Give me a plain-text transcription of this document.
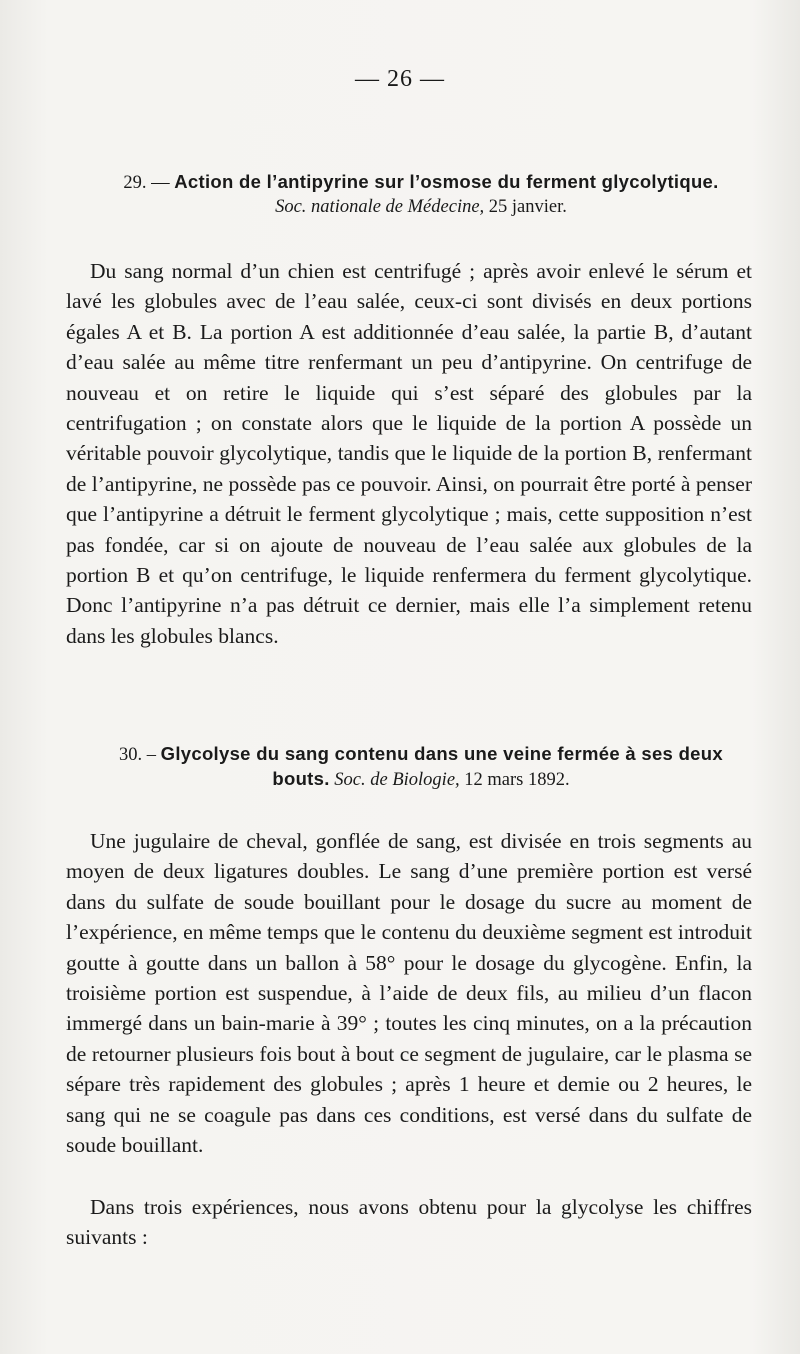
— 26 —
29. — Action de l’antipyrine sur l’osmose du ferment glycolytique.
Soc. nationale de Médecine, 25 janvier.

Du sang normal d’un chien est centrifugé ; après avoir enlevé le sérum et lavé les globules avec de l’eau salée, ceux-ci sont divisés en deux portions égales A et B. La portion A est additionnée d’eau salée, la partie B, d’autant d’eau salée au même titre renfermant un peu d’antipyrine. On centrifuge de nouveau et on retire le liquide qui s’est séparé des globules par la centrifugation ; on constate alors que le liquide de la portion A possède un véritable pouvoir glycolytique, tandis que le liquide de la portion B, renfermant de l’antipyrine, ne possède pas ce pouvoir. Ainsi, on pourrait être porté à penser que l’antipyrine a détruit le ferment glycolytique ; mais, cette supposition n’est pas fondée, car si on ajoute de nouveau de l’eau salée aux globules de la portion B et qu’on centrifuge, le liquide renfermera du ferment glycolytique. Donc l’antipyrine n’a pas détruit ce dernier, mais elle l’a simplement retenu dans les globules blancs.

30. – Glycolyse du sang contenu dans une veine fermée à ses deux bouts. Soc. de Biologie, 12 mars 1892.

Une jugulaire de cheval, gonflée de sang, est divisée en trois segments au moyen de deux ligatures doubles. Le sang d’une première portion est versé dans du sulfate de soude bouillant pour le dosage du sucre au moment de l’expérience, en même temps que le contenu du deuxième segment est introduit goutte à goutte dans un ballon à 58° pour le dosage du glycogène. Enfin, la troisième portion est suspendue, à l’aide de deux fils, au milieu d’un flacon immergé dans un bain-marie à 39° ; toutes les cinq minutes, on a la précaution de retourner plusieurs fois bout à bout ce segment de jugulaire, car le plasma se sépare très rapidement des globules ; après 1 heure et demie ou 2 heures, le sang qui ne se coagule pas dans ces conditions, est versé dans du sulfate de soude bouillant.

Dans trois expériences, nous avons obtenu pour la glycolyse les chiffres suivants :
